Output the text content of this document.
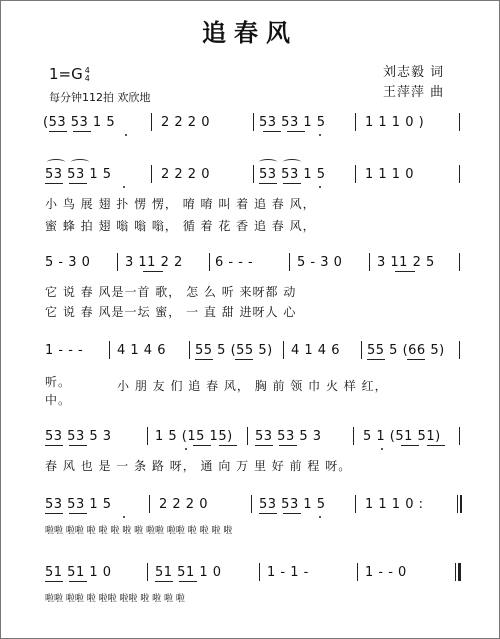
追春风
1=G 4
4
每分钟112拍 欢欣地
刘志毅 词
王萍萍 曲
(53 53 1 5	2 2 2 0	53 53 1 5	1 1 1 0 )
53 53 1 5	2 2 2 0	53 53 1 5	1 1 1 0
小 鸟 展 翅 扑 愣 愣， 唷 唷 叫 着 追 春 风，
蜜 蜂 拍 翅 嗡 嗡 嗡， 循 着 花 香 追 春 风，
5 - 3 0	3 11 2 2 6 - - -	5 - 3 0	3 11 2 5
它 说 春 风是一首 歌， 怎 么 听 来呀都 动
它 说 春 风是一坛 蜜， 一 直 甜 进呀人 心
1 - - -	4 1 4 6 55 5 (55 5) 4 1 4 6 55 5 (66 5)
听。
中。
小 朋 友 们 追 春 风， 胸 前 领 巾 火 样 红，
53 53 5 3	1 5 (15 15) 53 53 5 3	5 1 (51 51)
春 风 也 是 一 条 路 呀， 通 向 万 里 好 前 程 呀。
53 53 1 5	2 2 2 0	53 53 1 5	1 1 1 0 :
啦啦 啦啦 啦 啦 啦 啦 啦 啦啦 啦啦 啦 啦 啦 啦
51 51 1 0	51 51 1 0	1 - 1 -	1 - - 0
啦啦 啦啦 啦 啦啦 啦啦 啦 啦 啦 啦
